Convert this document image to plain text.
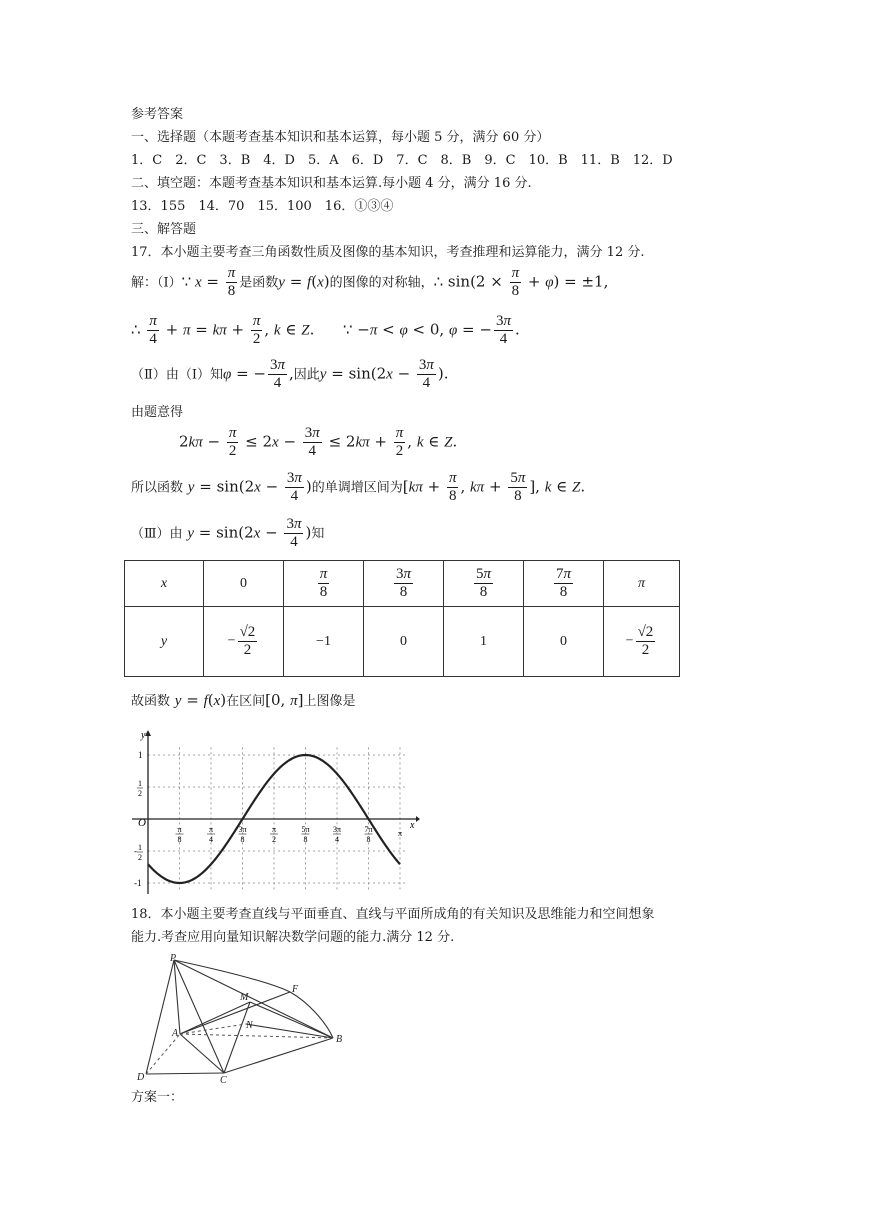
参考答案
一、选择题（本题考查基本知识和基本运算，每小题 5 分，满分 60 分）
1．C　2．C　3．B　4．D　5．A　6．D　7．C　8．B　9．C　10．B　11．B　12．D
二、填空题：本题考查基本知识和基本运算.每小题 4 分，满分 16 分.
13．155　14．70　15．100　16．①③④
三、解答题
17．本小题主要考查三角函数性质及图像的基本知识，考查推理和运算能力，满分 12 分.
解：（Ⅰ）∵ $x = \frac{\pi}{8}$ 是函数y = f(x)的图像的对称轴，∴ $\sin(2 \times \frac{\pi}{8} + \varphi) = \pm 1$,
∴ $\frac{\pi}{4} + \pi = k\pi + \frac{\pi}{2}$ , k ∈ Z.      ∵ −π < φ < 0, φ = − $\frac{3\pi}{4}$ .
（Ⅱ）由（Ⅰ）知φ = − $\frac{3\pi}{4}$ ,因此$y = \sin(2x - \frac{3\pi}{4}$ ).
由题意得
$2k\pi - \frac{\pi}{2} \le 2x - \frac{3\pi}{4} \le 2k\pi + \frac{\pi}{2}$ , k ∈ Z.
所以函数 $y = \sin(2x - \frac{3\pi}{4}$ )的单调增区间为[$k\pi + \frac{\pi}{8}$ , $k\pi + \frac{5\pi}{8}$ ], k ∈ Z.
（Ⅲ）由 $y = \sin(2x - \frac{3\pi}{4}$ )知
x	0	$\frac{\pi}{8}$	$\frac{3\pi}{8}$	$\frac{5\pi}{8}$	$\frac{7\pi}{8}$	π
y	− $\frac{√2}{2}$	−1	0	1	0	− $\frac{√2}{2}$
故函数 y = f(x)在区间[0, π]上图像是
O	x
y
π
8
π
4
3π
8
π
2
5π
8
3π
4
7π
8
π
1
1
2
- 1
2
-1
18．本小题主要考查直线与平面垂直、直线与平面所成角的有关知识及思维能力和空间想象
能力.考查应用向量知识解决数学问题的能力.满分 12 分.
P
M
F
A
N
B
D	C
方案一：
